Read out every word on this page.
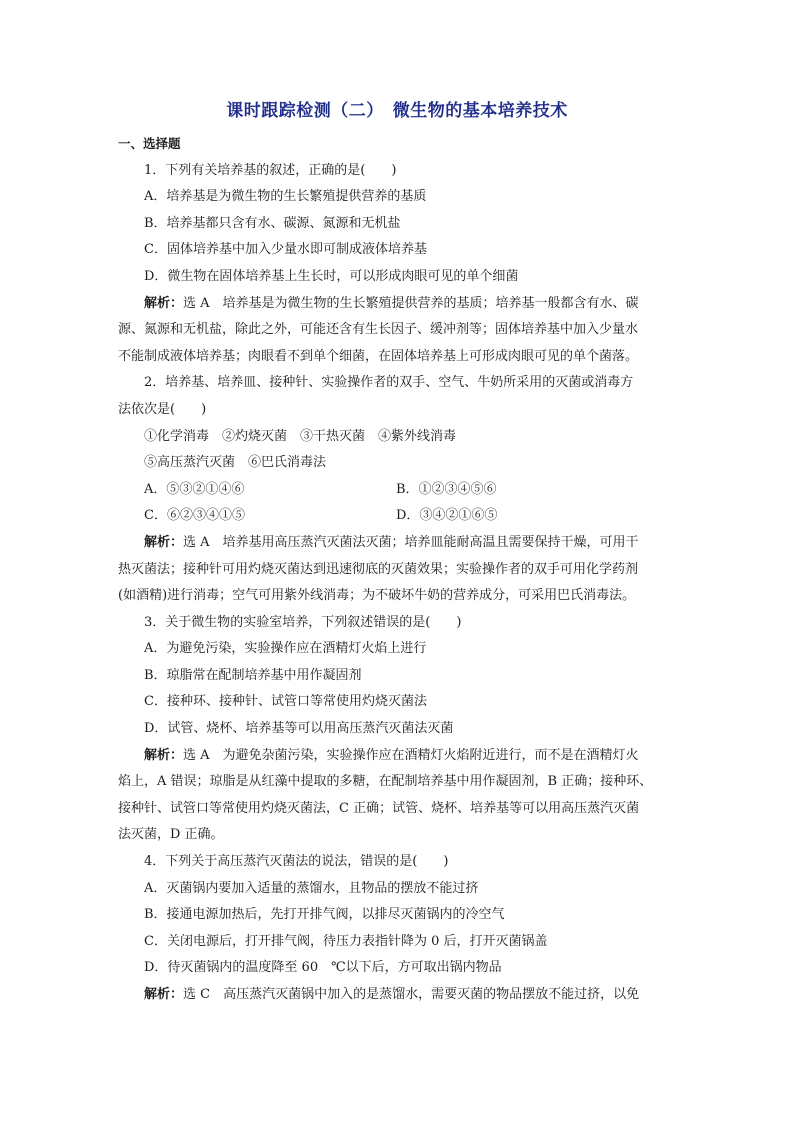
课时跟踪检测（二）　微生物的基本培养技术
一、选择题
1．下列有关培养基的叙述，正确的是(　　)
A．培养基是为微生物的生长繁殖提供营养的基质
B．培养基都只含有水、碳源、氮源和无机盐
C．固体培养基中加入少量水即可制成液体培养基
D．微生物在固体培养基上生长时，可以形成肉眼可见的单个细菌
解析：选 A　培养基是为微生物的生长繁殖提供营养的基质；培养基一般都含有水、碳
源、氮源和无机盐，除此之外，可能还含有生长因子、缓冲剂等；固体培养基中加入少量水
不能制成液体培养基；肉眼看不到单个细菌，在固体培养基上可形成肉眼可见的单个菌落。
2．培养基、培养皿、接种针、实验操作者的双手、空气、牛奶所采用的灭菌或消毒方
法依次是(　　)
①化学消毒　②灼烧灭菌　③干热灭菌　④紫外线消毒
⑤高压蒸汽灭菌　⑥巴氏消毒法
A．⑤③②①④⑥	B．①②③④⑤⑥
C．⑥②③④①⑤	D．③④②①⑥⑤
解析：选 A　培养基用高压蒸汽灭菌法灭菌；培养皿能耐高温且需要保持干燥，可用干
热灭菌法；接种针可用灼烧灭菌达到迅速彻底的灭菌效果；实验操作者的双手可用化学药剂
(如酒精)进行消毒；空气可用紫外线消毒；为不破坏牛奶的营养成分，可采用巴氏消毒法。
3．关于微生物的实验室培养，下列叙述错误的是(　　)
A．为避免污染，实验操作应在酒精灯火焰上进行
B．琼脂常在配制培养基中用作凝固剂
C．接种环、接种针、试管口等常使用灼烧灭菌法
D．试管、烧杯、培养基等可以用高压蒸汽灭菌法灭菌
解析：选 A　为避免杂菌污染，实验操作应在酒精灯火焰附近进行，而不是在酒精灯火
焰上，A 错误；琼脂是从红藻中提取的多糖，在配制培养基中用作凝固剂，B 正确；接种环、
接种针、试管口等常使用灼烧灭菌法，C 正确；试管、烧杯、培养基等可以用高压蒸汽灭菌
法灭菌，D 正确。
4．下列关于高压蒸汽灭菌法的说法，错误的是(　　)
A．灭菌锅内要加入适量的蒸馏水，且物品的摆放不能过挤
B．接通电源加热后，先打开排气阀，以排尽灭菌锅内的冷空气
C．关闭电源后，打开排气阀，待压力表指针降为 0 后，打开灭菌锅盖
D．待灭菌锅内的温度降至 60　℃以下后，方可取出锅内物品
解析：选 C　高压蒸汽灭菌锅中加入的是蒸馏水，需要灭菌的物品摆放不能过挤，以免
